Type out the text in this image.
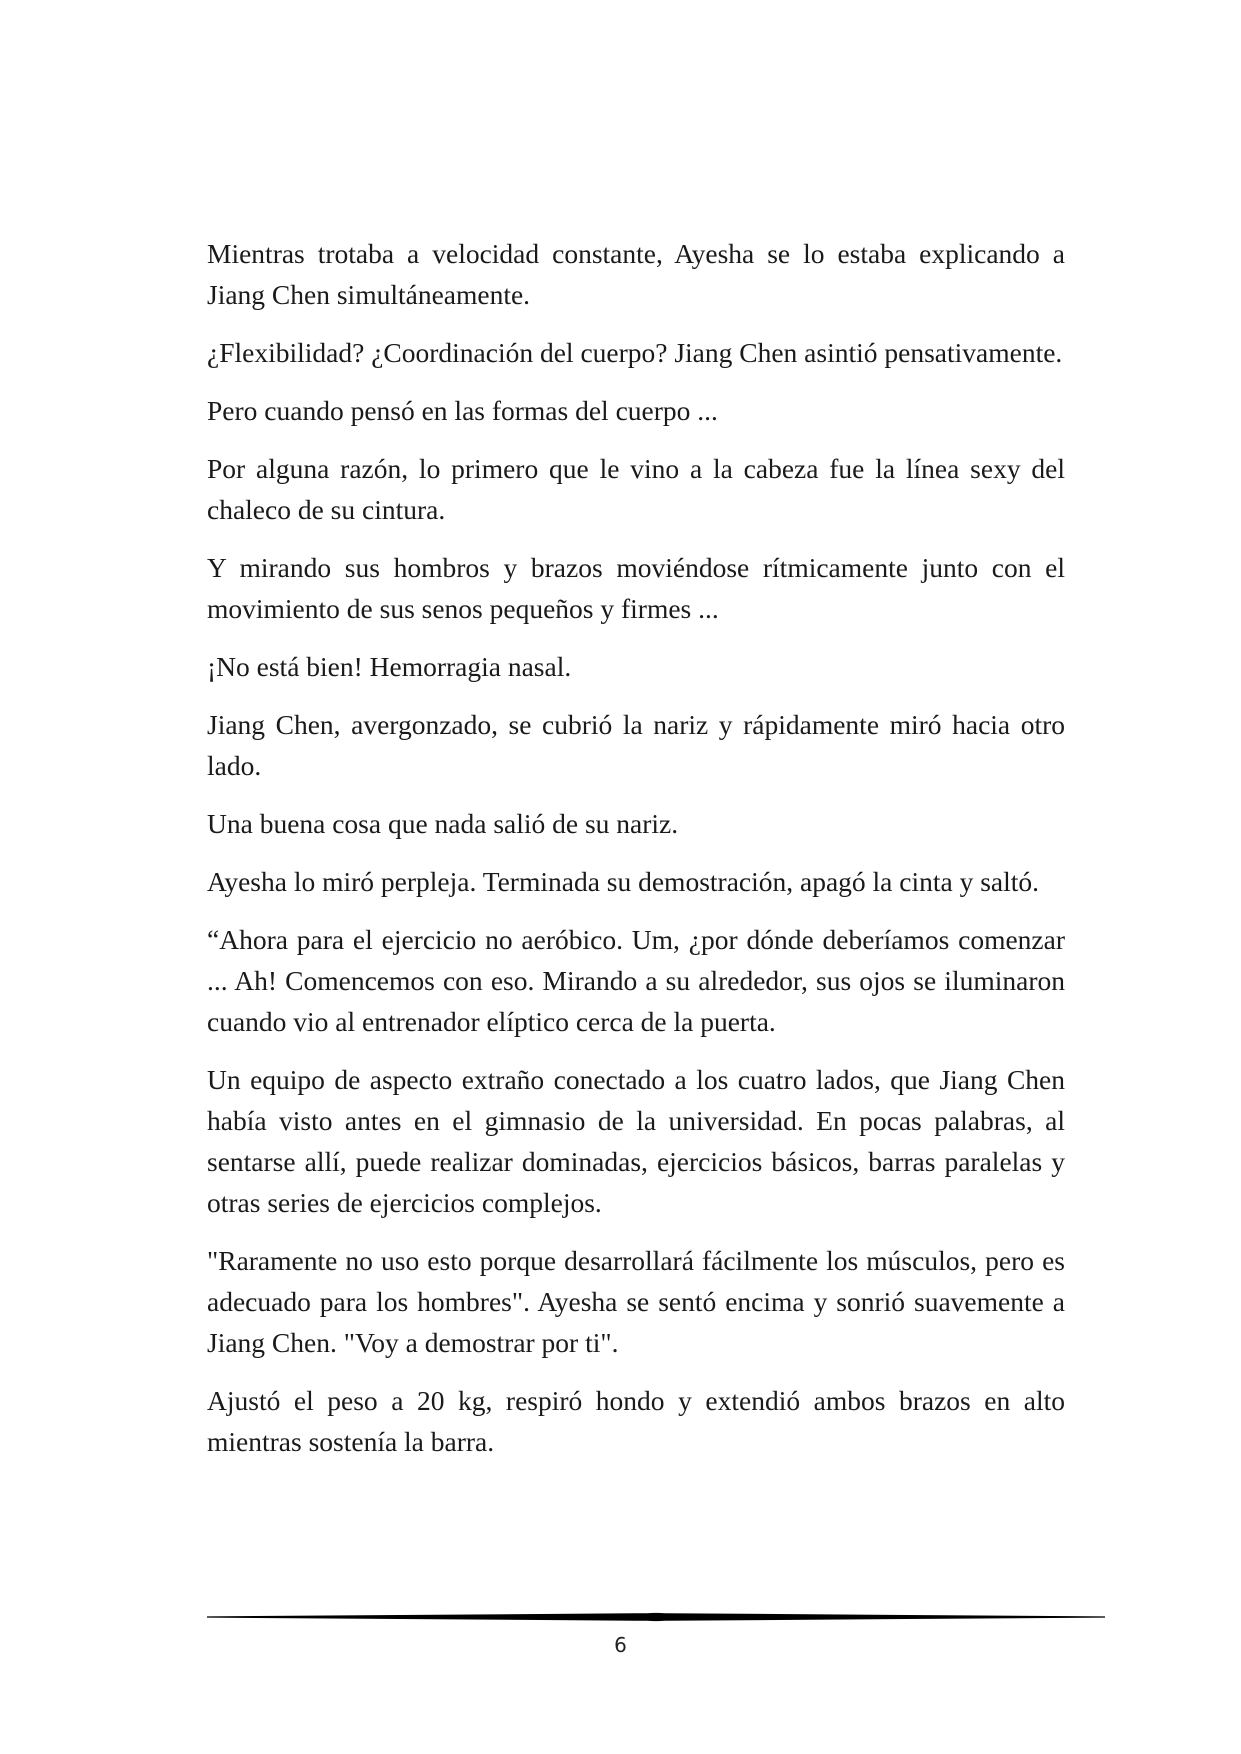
Mientras trotaba a velocidad constante, Ayesha se lo estaba explicando a Jiang Chen simultáneamente.

¿Flexibilidad? ¿Coordinación del cuerpo? Jiang Chen asintió pensativamente.

Pero cuando pensó en las formas del cuerpo ...

Por alguna razón, lo primero que le vino a la cabeza fue la línea sexy del chaleco de su cintura.

Y mirando sus hombros y brazos moviéndose rítmicamente junto con el movimiento de sus senos pequeños y firmes ...

¡No está bien! Hemorragia nasal.

Jiang Chen, avergonzado, se cubrió la nariz y rápidamente miró hacia otro lado.

Una buena cosa que nada salió de su nariz.

Ayesha lo miró perpleja. Terminada su demostración, apagó la cinta y saltó.

“Ahora para el ejercicio no aeróbico. Um, ¿por dónde deberíamos comenzar ... Ah! Comencemos con eso. Mirando a su alrededor, sus ojos se iluminaron cuando vio al entrenador elíptico cerca de la puerta.

Un equipo de aspecto extraño conectado a los cuatro lados, que Jiang Chen había visto antes en el gimnasio de la universidad. En pocas palabras, al sentarse allí, puede realizar dominadas, ejercicios básicos, barras paralelas y otras series de ejercicios complejos.

"Raramente no uso esto porque desarrollará fácilmente los músculos, pero es adecuado para los hombres". Ayesha se sentó encima y sonrió suavemente a Jiang Chen. "Voy a demostrar por ti".

Ajustó el peso a 20 kg, respiró hondo y extendió ambos brazos en alto mientras sostenía la barra.

6
